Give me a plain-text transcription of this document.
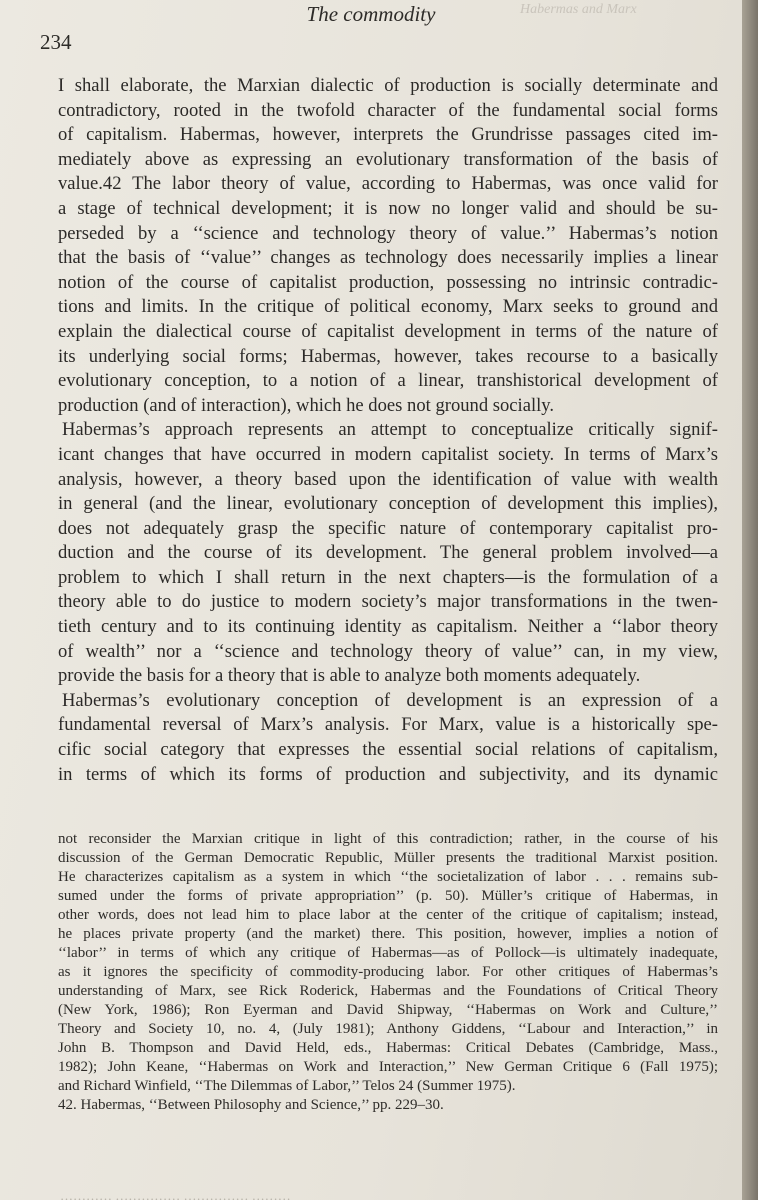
Habermas and Marx
The commodity
234
I shall elaborate, the Marxian dialectic of production is socially determinate and
contradictory, rooted in the twofold character of the fundamental social forms
of capitalism. Habermas, however, interprets the Grundrisse passages cited im-
mediately above as expressing an evolutionary transformation of the basis of
value.42 The labor theory of value, according to Habermas, was once valid for
a stage of technical development; it is now no longer valid and should be su-
perseded by a ‘‘science and technology theory of value.’’ Habermas’s notion
that the basis of ‘‘value’’ changes as technology does necessarily implies a linear
notion of the course of capitalist production, possessing no intrinsic contradic-
tions and limits. In the critique of political economy, Marx seeks to ground and
explain the dialectical course of capitalist development in terms of the nature of
its underlying social forms; Habermas, however, takes recourse to a basically
evolutionary conception, to a notion of a linear, transhistorical development of
production (and of interaction), which he does not ground socially.
Habermas’s approach represents an attempt to conceptualize critically signif-
icant changes that have occurred in modern capitalist society. In terms of Marx’s
analysis, however, a theory based upon the identification of value with wealth
in general (and the linear, evolutionary conception of development this implies),
does not adequately grasp the specific nature of contemporary capitalist pro-
duction and the course of its development. The general problem involved—a
problem to which I shall return in the next chapters—is the formulation of a
theory able to do justice to modern society’s major transformations in the twen-
tieth century and to its continuing identity as capitalism. Neither a ‘‘labor theory
of wealth’’ nor a ‘‘science and technology theory of value’’ can, in my view,
provide the basis for a theory that is able to analyze both moments adequately.
Habermas’s evolutionary conception of development is an expression of a
fundamental reversal of Marx’s analysis. For Marx, value is a historically spe-
cific social category that expresses the essential social relations of capitalism,
in terms of which its forms of production and subjectivity, and its dynamic
not reconsider the Marxian critique in light of this contradiction; rather, in the course of his
discussion of the German Democratic Republic, Müller presents the traditional Marxist position.
He characterizes capitalism as a system in which ‘‘the societalization of labor . . . remains sub-
sumed under the forms of private appropriation’’ (p. 50). Müller’s critique of Habermas, in
other words, does not lead him to place labor at the center of the critique of capitalism; instead,
he places private property (and the market) there. This position, however, implies a notion of
‘‘labor’’ in terms of which any critique of Habermas—as of Pollock—is ultimately inadequate,
as it ignores the specificity of commodity-producing labor. For other critiques of Habermas’s
understanding of Marx, see Rick Roderick, Habermas and the Foundations of Critical Theory
(New York, 1986); Ron Eyerman and David Shipway, ‘‘Habermas on Work and Culture,’’
Theory and Society 10, no. 4, (July 1981); Anthony Giddens, ‘‘Labour and Interaction,’’ in
John B. Thompson and David Held, eds., Habermas: Critical Debates (Cambridge, Mass.,
1982); John Keane, ‘‘Habermas on Work and Interaction,’’ New German Critique 6 (Fall 1975);
and Richard Winfield, ‘‘The Dilemmas of Labor,’’ Telos 24 (Summer 1975).
42. Habermas, ‘‘Between Philosophy and Science,’’ pp. 229–30.
………… …………… …………… ………
